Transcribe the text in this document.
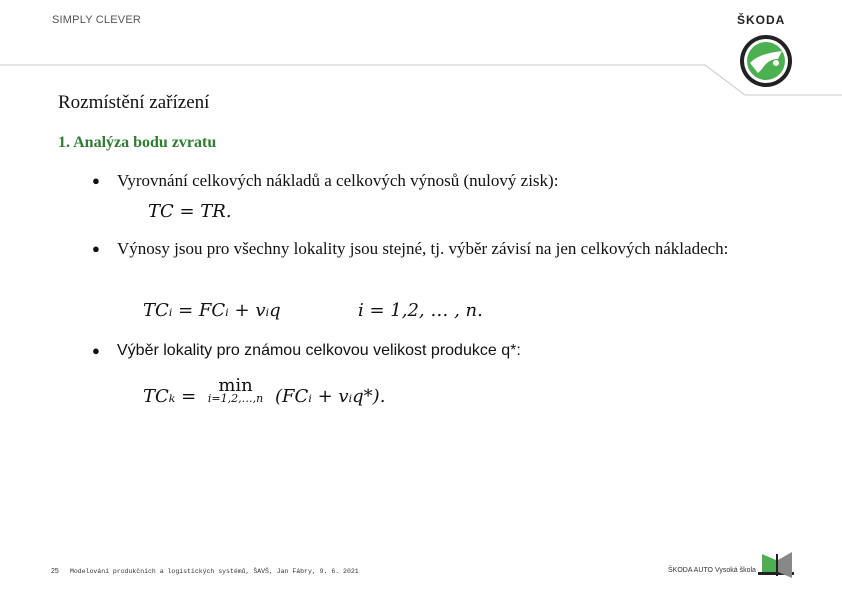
SIMPLY CLEVER	ŠKODA
Rozmístění zařízení
1. Analýza bodu zvratu
● Vyrovnání celkových nákladů a celkových výnosů (nulový zisk):
TC = TR.
● Výnosy jsou pro všechny lokality jsou stejné, tj. výběr závisí na jen celkových nákladech:
TCᵢ = FCᵢ + vᵢq	i = 1,2, … , n.
● Výběr lokality pro známou celkovou velikost produkce q*:
TCₖ = min
i=1,2,…,n (FCᵢ + vᵢq*).
25 Modelování produkčních a logistických systémů, ŠAVŠ, Jan Fábry, 9. 6. 2021	ŠKODA AUTO Vysoká škola
